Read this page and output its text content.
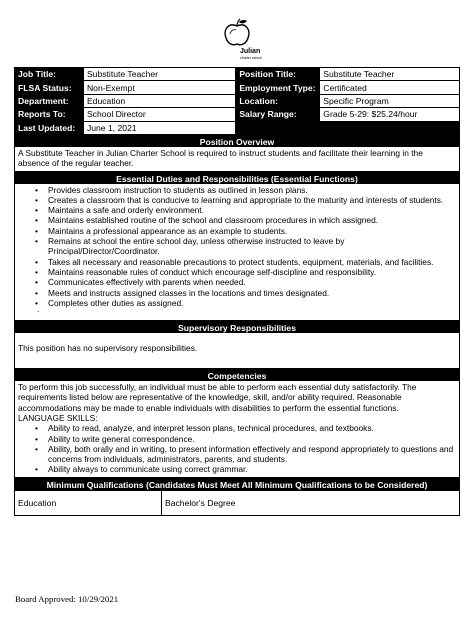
Julian
charter school
Job Title:	Substitute Teacher	Position Title:	Substitute Teacher
FLSA Status:	Non-Exempt	Employment Type:	Certificated
Department:	Education	Location:	Specific Program
Reports To:	School Director	Salary Range:	Grade 5-29: $25.24/hour
Last Updated:	June 1, 2021		
Position Overview

A Substitute Teacher in Julian Charter School is required to instruct students and facilitate their learning in the absence of the regular teacher.

Essential Duties and Responsibilities (Essential Functions)
• Provides classroom instruction to students as outlined in lesson plans.
• Creates a classroom that is conducive to learning and appropriate to the maturity and interests of students.
• Maintains a safe and orderly environment.
• Maintains established routine of the school and classroom procedures in which assigned.
• Maintains a professional appearance as an example to students.
• Remains at school the entire school day, unless otherwise instructed to leave by Principal/Director/Coordinator.
• Takes all necessary and reasonable precautions to protect students, equipment, materials, and facilities.
• Maintains reasonable rules of conduct which encourage self-discipline and responsibility.
• Communicates effectively with parents when needed.
• Meets and instructs assigned classes in the locations and times designated.
• Completes other duties as assigned.
.
Supervisory Responsibilities

This position has no supervisory responsibilities.

Competencies

To perform this job successfully, an individual must be able to perform each essential duty satisfactorily. The requirements listed below are representative of the knowledge, skill, and/or ability required. Reasonable accommodations may be made to enable individuals with disabilities to perform the essential functions.

LANGUAGE SKILLS:

• Ability to read, analyze, and interpret lesson plans, technical procedures, and textbooks.
• Ability to write general correspondence.
• Ability, both orally and in writing, to present information effectively and respond appropriately to questions and concerns from individuals, administrators, parents, and students.
• Ability always to communicate using correct grammar.
Minimum Qualifications (Candidates Must Meet All Minimum Qualifications to be Considered)
Education	Bachelor's Degree
Board Approved: 10/29/2021
